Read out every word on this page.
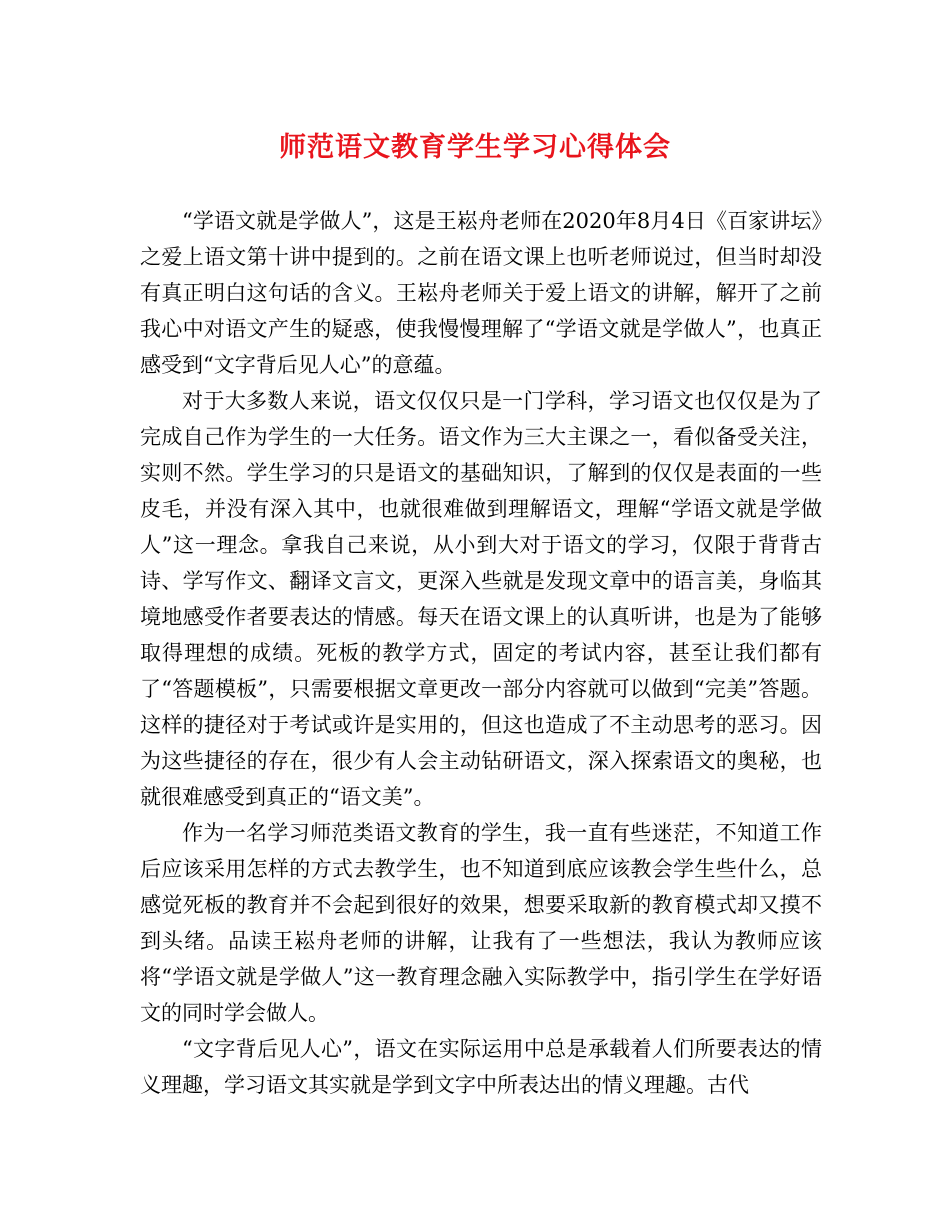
师范语文教育学生学习心得体会

“学语文就是学做人”，这是王崧舟老师在2020年8月4日《百家讲坛》之爱上语文第十讲中提到的。之前在语文课上也听老师说过，但当时却没有真正明白这句话的含义。王崧舟老师关于爱上语文的讲解，解开了之前我心中对语文产生的疑惑，使我慢慢理解了“学语文就是学做人”，也真正感受到“文字背后见人心”的意蕴。

对于大多数人来说，语文仅仅只是一门学科，学习语文也仅仅是为了完成自己作为学生的一大任务。语文作为三大主课之一，看似备受关注，实则不然。学生学习的只是语文的基础知识，了解到的仅仅是表面的一些皮毛，并没有深入其中，也就很难做到理解语文，理解“学语文就是学做人”这一理念。拿我自己来说，从小到大对于语文的学习，仅限于背背古诗、学写作文、翻译文言文，更深入些就是发现文章中的语言美，身临其境地感受作者要表达的情感。每天在语文课上的认真听讲，也是为了能够取得理想的成绩。死板的教学方式，固定的考试内容，甚至让我们都有了“答题模板”，只需要根据文章更改一部分内容就可以做到“完美”答题。这样的捷径对于考试或许是实用的，但这也造成了不主动思考的恶习。因为这些捷径的存在，很少有人会主动钻研语文，深入探索语文的奥秘，也就很难感受到真正的“语文美”。

作为一名学习师范类语文教育的学生，我一直有些迷茫，不知道工作后应该采用怎样的方式去教学生，也不知道到底应该教会学生些什么，总感觉死板的教育并不会起到很好的效果，想要采取新的教育模式却又摸不到头绪。品读王崧舟老师的讲解，让我有了一些想法，我认为教师应该将“学语文就是学做人”这一教育理念融入实际教学中，指引学生在学好语文的同时学会做人。

“文字背后见人心”，语文在实际运用中总是承载着人们所要表达的情义理趣，学习语文其实就是学到文字中所表达出的情义理趣。古代
